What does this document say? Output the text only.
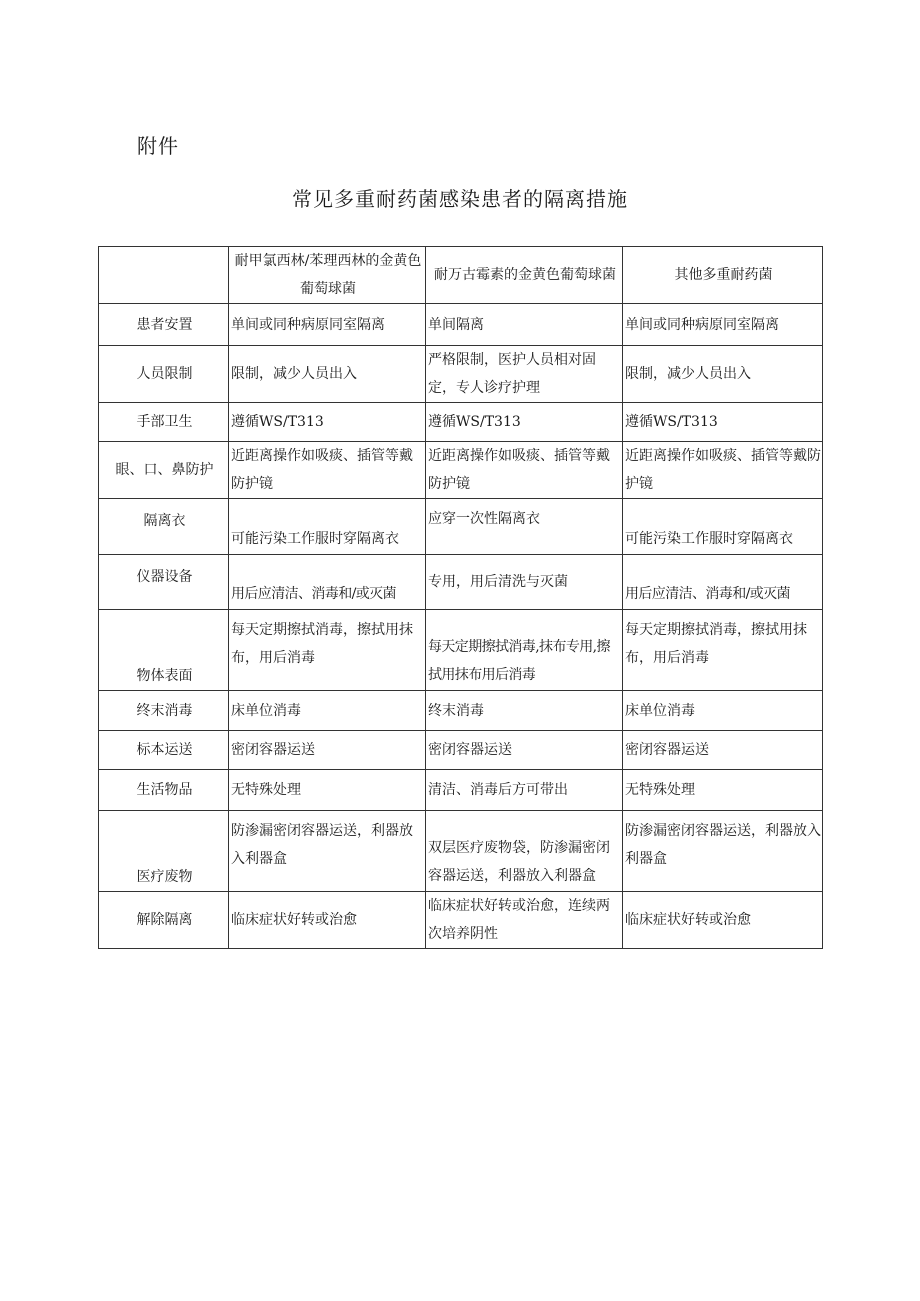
附件
常见多重耐药菌感染患者的隔离措施
	耐甲氯西林/苯理西林的金黄色葡萄球菌	耐万古霉素的金黄色葡萄球菌	其他多重耐药菌
患者安置	单间或同种病原同室隔离	单间隔离	单间或同种病原同室隔离
人员限制	限制，减少人员出入	严格限制，医护人员相对固定，专人诊疗护理	限制，减少人员出入
手部卫生	遵循WS/T313	遵循WS/T313	遵循WS/T313
眼、口、鼻防护	近距离操作如吸痰、插管等戴防护镜	近距离操作如吸痰、插管等戴防护镜	近距离操作如吸痰、插管等戴防护镜
隔离衣	可能污染工作服时穿隔离衣	应穿一次性隔离衣	可能污染工作服时穿隔离衣
仪器设备	用后应清洁、消毒和/或灭菌	专用，用后清洗与灭菌	用后应清洁、消毒和/或灭菌
物体表面	每天定期擦拭消毒，擦拭用抹布，用后消毒	每天定期擦拭消毒,抹布专用,擦拭用抹布用后消毒	每天定期擦拭消毒，擦拭用抹布，用后消毒
终末消毒	床单位消毒	终末消毒	床单位消毒
标本运送	密闭容器运送	密闭容器运送	密闭容器运送
生活物品	无特殊处理	清洁、消毒后方可带出	无特殊处理
医疗废物	防渗漏密闭容器运送，利器放入利器盒	双层医疗废物袋，防渗漏密闭容器运送，利器放入利器盒	防渗漏密闭容器运送，利器放入利器盒
解除隔离	临床症状好转或治愈	临床症状好转或治愈，连续两次培养阴性	临床症状好转或治愈
